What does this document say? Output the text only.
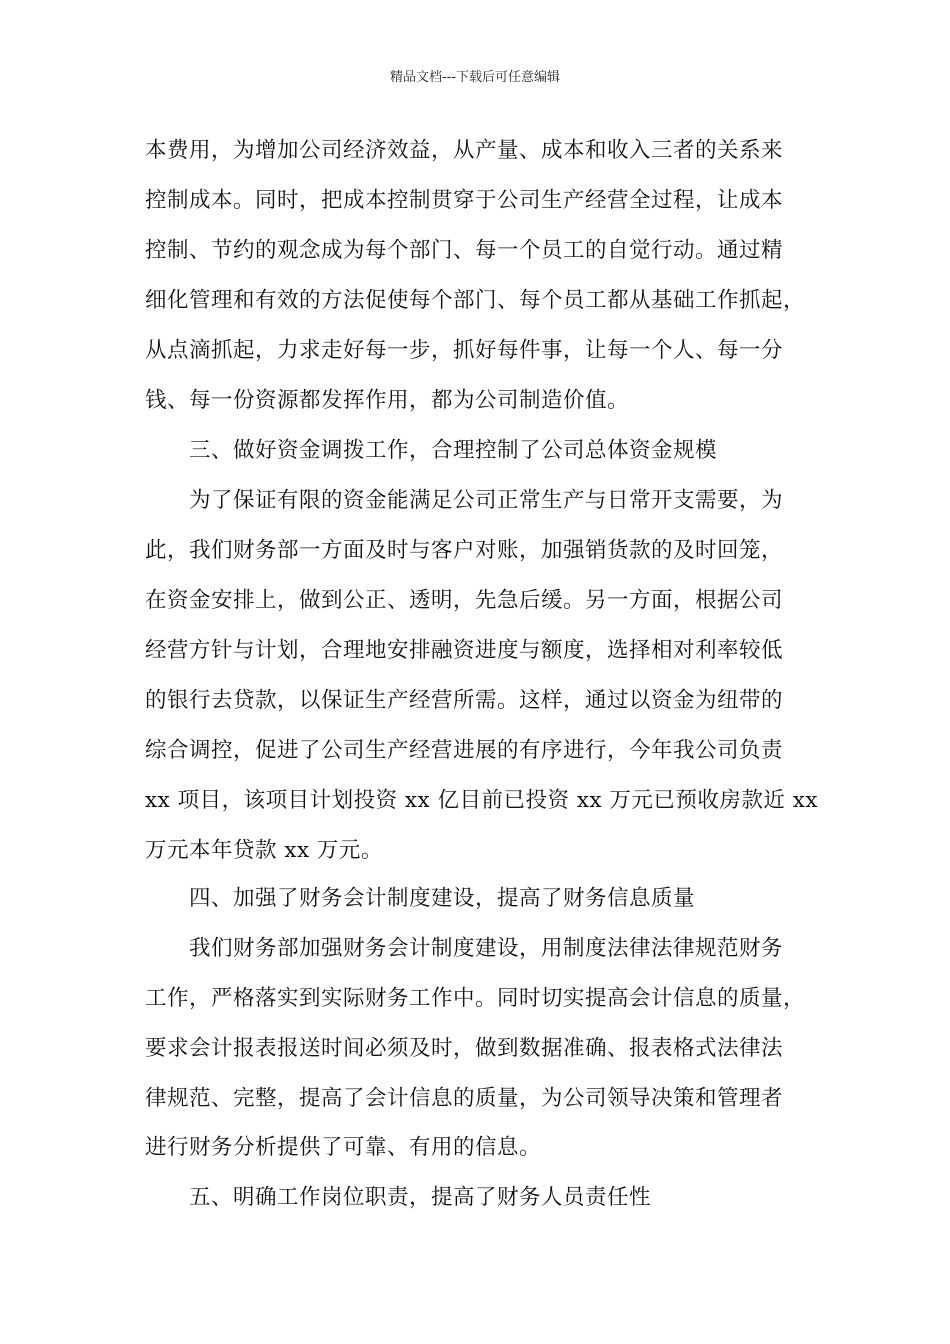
精品文档---下载后可任意编辑
本费用，为增加公司经济效益，从产量、成本和收入三者的关系来
控制成本。同时，把成本控制贯穿于公司生产经营全过程，让成本
控制、节约的观念成为每个部门、每一个员工的自觉行动。通过精
细化管理和有效的方法促使每个部门、每个员工都从基础工作抓起，
从点滴抓起，力求走好每一步，抓好每件事，让每一个人、每一分
钱、每一份资源都发挥作用，都为公司制造价值。
三、做好资金调拨工作，合理控制了公司总体资金规模
为了保证有限的资金能满足公司正常生产与日常开支需要，为
此，我们财务部一方面及时与客户对账，加强销货款的及时回笼，
在资金安排上，做到公正、透明，先急后缓。另一方面，根据公司
经营方针与计划，合理地安排融资进度与额度，选择相对利率较低
的银行去贷款，以保证生产经营所需。这样，通过以资金为纽带的
综合调控，促进了公司生产经营进展的有序进行，今年我公司负责
xx 项目，该项目计划投资 xx 亿目前已投资 xx 万元已预收房款近 xx
万元本年贷款 xx 万元。
四、加强了财务会计制度建设，提高了财务信息质量
我们财务部加强财务会计制度建设，用制度法律法律规范财务
工作，严格落实到实际财务工作中。同时切实提高会计信息的质量，
要求会计报表报送时间必须及时，做到数据准确、报表格式法律法
律规范、完整，提高了会计信息的质量，为公司领导决策和管理者
进行财务分析提供了可靠、有用的信息。
五、明确工作岗位职责，提高了财务人员责任性
